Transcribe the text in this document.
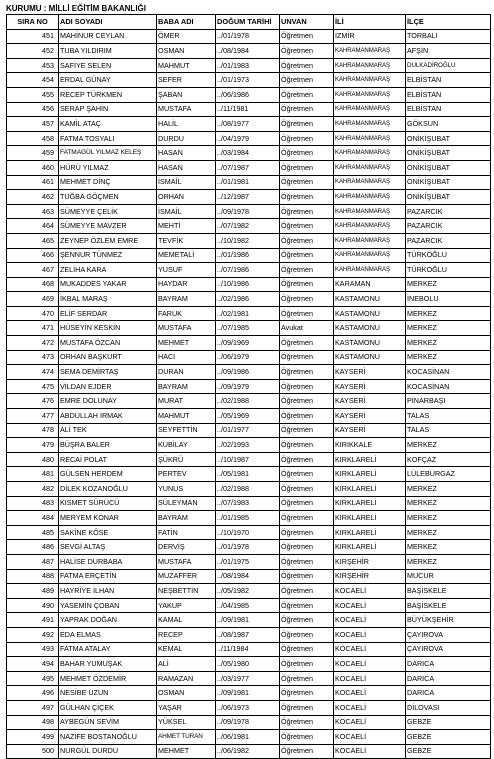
KURUMU : MİLLİ EĞİTİM BAKANLIĞI
SIRA NO	ADI SOYADI	BABA ADI	DOĞUM TARİHİ	UNVAN	İLİ	İLÇE
451	MAHİNUR CEYLAN	ÖMER	../01/1978	Öğretmen	İZMİR	TORBALI
452	TUBA YILDIRIM	OSMAN	../08/1984	Öğretmen	KAHRAMANMARAŞ	AFŞİN
453	SAFİYE SELEN	MAHMUT	../01/1983	Öğretmen	KAHRAMANMARAŞ	DULKADİROĞLU
454	ERDAL GÜNAY	SEFER	../01/1973	Öğretmen	KAHRAMANMARAŞ	ELBİSTAN
455	RECEP TÜRKMEN	ŞABAN	../06/1986	Öğretmen	KAHRAMANMARAŞ	ELBİSTAN
456	SERAP ŞAHİN	MUSTAFA	../11/1981	Öğretmen	KAHRAMANMARAŞ	ELBİSTAN
457	KAMİL ATAÇ	HALİL	../08/1977	Öğretmen	KAHRAMANMARAŞ	GÖKSUN
458	FATMA TOSYALI	DURDU	../04/1979	Öğretmen	KAHRAMANMARAŞ	ONİKİŞUBAT
459	FATMAGÜL YILMAZ KELEŞ	HASAN	../03/1984	Öğretmen	KAHRAMANMARAŞ	ONİKİŞUBAT
460	HÜRÜ YILMAZ	HASAN	../07/1987	Öğretmen	KAHRAMANMARAŞ	ONİKİŞUBAT
461	MEHMET DİNÇ	İSMAİL	../01/1981	Öğretmen	KAHRAMANMARAŞ	ONİKİŞUBAT
462	TUĞBA GÖÇMEN	ORHAN	../12/1987	Öğretmen	KAHRAMANMARAŞ	ONİKİŞUBAT
463	SÜMEYYE ÇELİK	İSMAİL	../09/1978	Öğretmen	KAHRAMANMARAŞ	PAZARCIK
464	SÜMEYYE MAVZER	MEHTİ	../07/1982	Öğretmen	KAHRAMANMARAŞ	PAZARCIK
465	ZEYNEP ÖZLEM EMRE	TEVFİK	../10/1982	Öğretmen	KAHRAMANMARAŞ	PAZARCIK
466	ŞENNUR TÜNMEZ	MEMETALİ	../01/1986	Öğretmen	KAHRAMANMARAŞ	TÜRKOĞLU
467	ZELİHA KARA	YUSUF	../07/1986	Öğretmen	KAHRAMANMARAŞ	TÜRKOĞLU
468	MUKADDES YAKAR	HAYDAR	../10/1986	Öğretmen	KARAMAN	MERKEZ
469	İKBAL MARAŞ	BAYRAM	../02/1986	Öğretmen	KASTAMONU	İNEBOLU
470	ELİF SERDAR	FARUK	../02/1981	Öğretmen	KASTAMONU	MERKEZ
471	HÜSEYİN KESKİN	MUSTAFA	../07/1985	Avukat	KASTAMONU	MERKEZ
472	MUSTAFA ÖZCAN	MEHMET	../09/1969	Öğretmen	KASTAMONU	MERKEZ
473	ORHAN BAŞKURT	HACI	../06/1979	Öğretmen	KASTAMONU	MERKEZ
474	SEMA DEMİRTAŞ	DURAN	../09/1986	Öğretmen	KAYSERİ	KOCASİNAN
475	VİLDAN EJDER	BAYRAM	../09/1979	Öğretmen	KAYSERİ	KOCASİNAN
476	EMRE DOLUNAY	MURAT	../02/1988	Öğretmen	KAYSERİ	PINARBAŞI
477	ABDULLAH IRMAK	MAHMUT	../05/1969	Öğretmen	KAYSERİ	TALAS
478	ALİ TEK	SEYFETTİN	../01/1977	Öğretmen	KAYSERİ	TALAS
479	BÜŞRA BALER	KUBİLAY	../02/1993	Öğretmen	KIRIKKALE	MERKEZ
480	RECAİ POLAT	ŞÜKRÜ	../10/1987	Öğretmen	KIRKLARELİ	KOFÇAZ
481	GÜLSEN HERDEM	PERTEV	../05/1981	Öğretmen	KIRKLARELİ	LÜLEBURGAZ
482	DİLEK KOZANOĞLU	YUNUS	../02/1988	Öğretmen	KIRKLARELİ	MERKEZ
483	KISMET SÜRÜCÜ	SÜLEYMAN	../07/1983	Öğretmen	KIRKLARELİ	MERKEZ
484	MERYEM KONAR	BAYRAM	../01/1985	Öğretmen	KIRKLARELİ	MERKEZ
485	SAKİNE KÖSE	FATİN	../10/1970	Öğretmen	KIRKLARELİ	MERKEZ
486	SEVGİ ALTAŞ	DERVİŞ	../01/1978	Öğretmen	KIRKLARELİ	MERKEZ
487	HALİSE DURBABA	MUSTAFA	../01/1975	Öğretmen	KIRŞEHİR	MERKEZ
488	FATMA ERÇETİN	MUZAFFER	../08/1984	Öğretmen	KIRŞEHİR	MUCUR
489	HAYRİYE İLHAN	NEŞBETTİN	../05/1982	Öğretmen	KOCAELİ	BAŞİSKELE
490	YASEMİN ÇOBAN	YAKUP	../04/1985	Öğretmen	KOCAELİ	BAŞİSKELE
491	YAPRAK DOĞAN	KAMAL	../09/1981	Öğretmen	KOCAELİ	BÜYÜKŞEHİR
492	EDA ELMAS	RECEP	../08/1987	Öğretmen	KOCAELİ	ÇAYIROVA
493	FATMA ATALAY	KEMAL	../11/1984	Öğretmen	KOCAELİ	ÇAYIROVA
494	BAHAR YUMUŞAK	ALİ	../05/1980	Öğretmen	KOCAELİ	DARICA
495	MEHMET ÖZDEMİR	RAMAZAN	../03/1977	Öğretmen	KOCAELİ	DARICA
496	NESİBE UZUN	OSMAN	../09/1981	Öğretmen	KOCAELİ	DARICA
497	GÜLHAN ÇİÇEK	YAŞAR	../06/1973	Öğretmen	KOCAELİ	DİLOVASI
498	AYBEGÜN SEVİM	YÜKSEL	../09/1978	Öğretmen	KOCAELİ	GEBZE
499	NAZİFE BOSTANOĞLU	AHMET TURAN	../06/1981	Öğretmen	KOCAELİ	GEBZE
500	NURGÜL DURDU	MEHMET	../06/1982	Öğretmen	KOCAELİ	GEBZE
